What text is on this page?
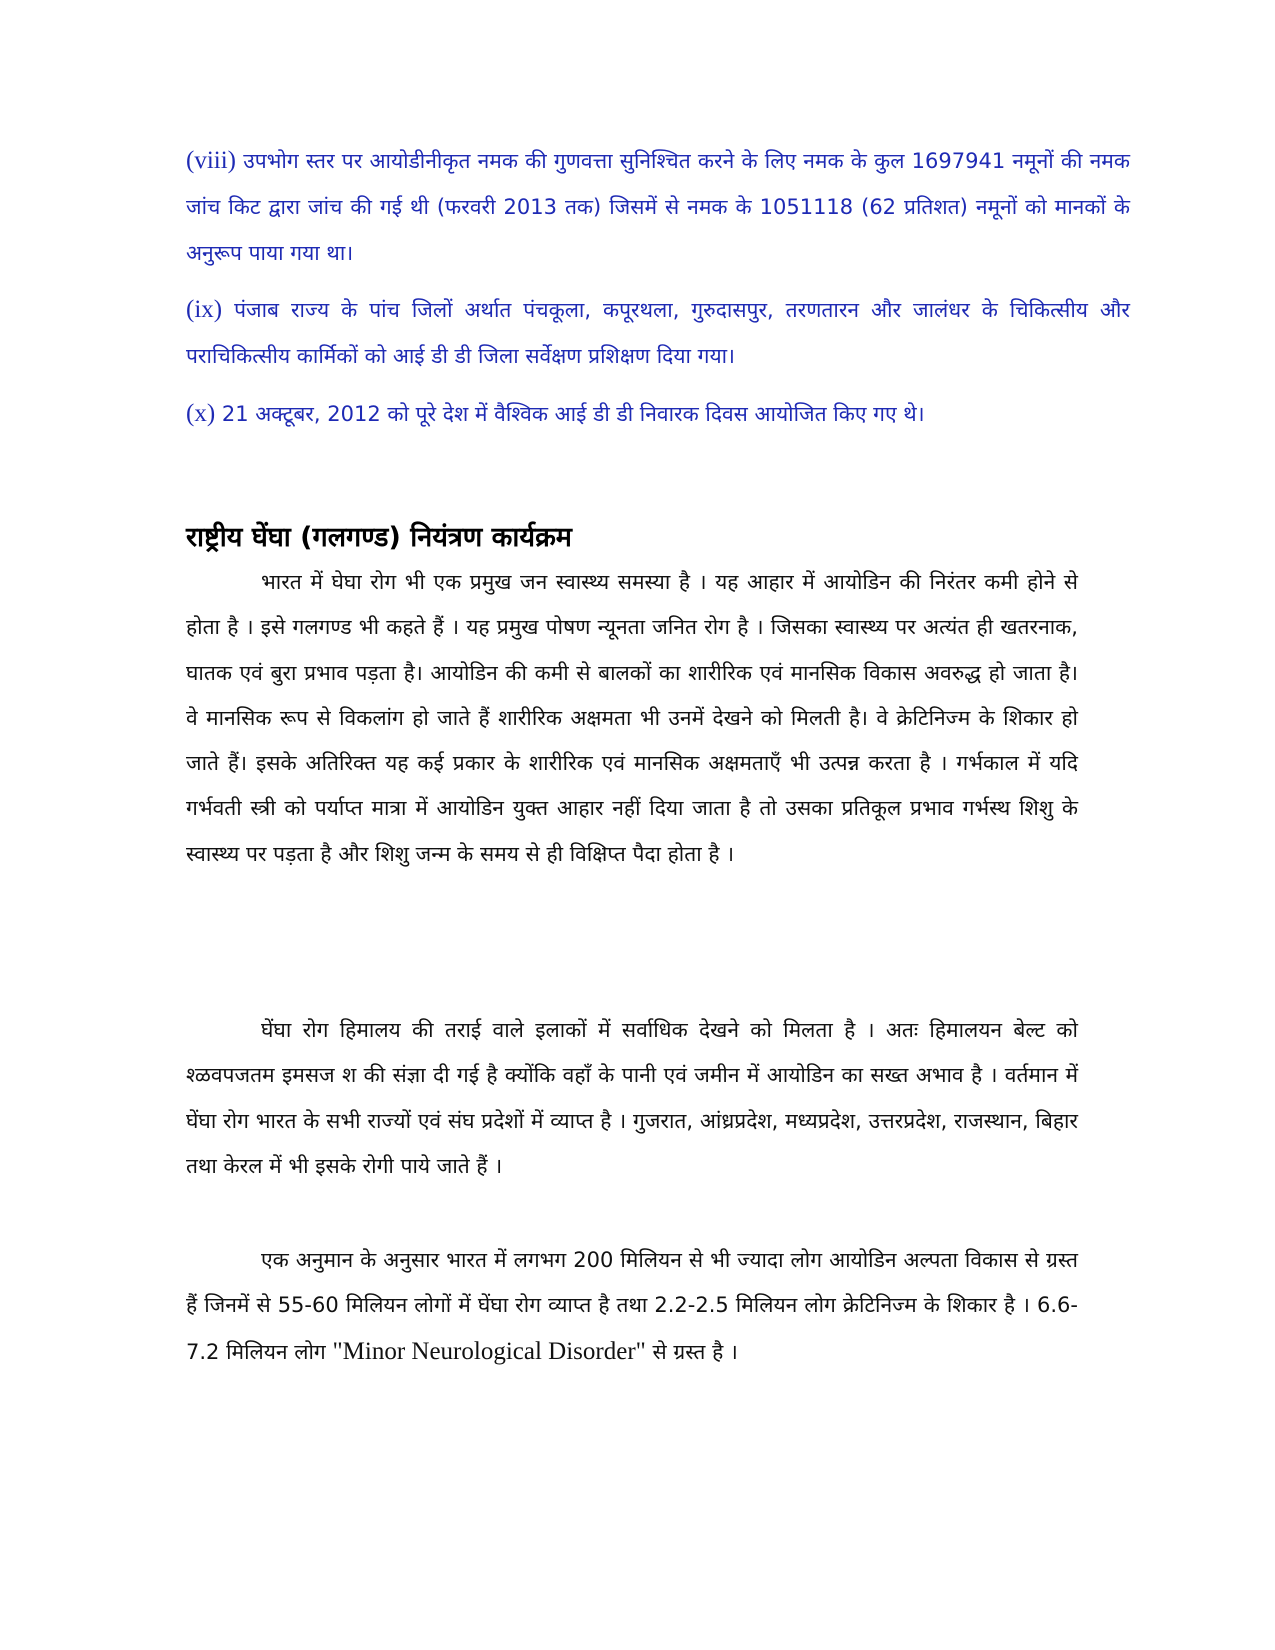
(viii) उपभोग स्तर पर आयोडीनीकृत नमक की गुणवत्ता सुनिश्चित करने के लिए नमक के कुल 1697941 नमूनों की नमक जांच किट द्वारा जांच की गई थी (फरवरी 2013 तक) जिसमें से नमक के 1051118 (62 प्रतिशत) नमूनों को मानकों के अनुरूप पाया गया था।

(ix) पंजाब राज्य के पांच जिलों अर्थात पंचकूला, कपूरथला, गुरुदासपुर, तरणतारन और जालंधर के चिकित्सीय और पराचिकित्सीय कार्मिकों को आई डी डी जिला सर्वेक्षण प्रशिक्षण दिया गया।

(x) 21 अक्टूबर, 2012 को पूरे देश में वैश्विक आई डी डी निवारक दिवस आयोजित किए गए थे।

राष्ट्रीय घेंघा (गलगण्ड) नियंत्रण कार्यक्रम

भारत में घेघा रोग भी एक प्रमुख जन स्वास्थ्य समस्या है । यह आहार में आयोडिन की निरंतर कमी होने से होता है । इसे गलगण्ड भी कहते हैं । यह प्रमुख पोषण न्यूनता जनित रोग है । जिसका स्वास्थ्य पर अत्यंत ही खतरनाक, घातक एवं बुरा प्रभाव पड़ता है। आयोडिन की कमी से बालकों का शारीरिक एवं मानसिक विकास अवरुद्ध हो जाता है। वे मानसिक रूप से विकलांग हो जाते हैं शारीरिक अक्षमता भी उनमें देखने को मिलती है। वे क्रेटिनिज्म के शिकार हो जाते हैं। इसके अतिरिक्त यह कई प्रकार के शारीरिक एवं मानसिक अक्षमताएँ भी उत्पन्न करता है । गर्भकाल में यदि गर्भवती स्त्री को पर्याप्त मात्रा में आयोडिन युक्त आहार नहीं दिया जाता है तो उसका प्रतिकूल प्रभाव गर्भस्थ शिशु के स्वास्थ्य पर पड़ता है और शिशु जन्म के समय से ही विक्षिप्त पैदा होता है ।

घेंघा रोग हिमालय की तराई वाले इलाकों में सर्वाधिक देखने को मिलता है । अतः हिमालयन बेल्ट को श्ळवपजतम इमसज श की संज्ञा दी गई है क्योंकि वहाँ के पानी एवं जमीन में आयोडिन का सख्त अभाव है । वर्तमान में घेंघा रोग भारत के सभी राज्यों एवं संघ प्रदेशों में व्याप्त है । गुजरात, आंध्रप्रदेश, मध्यप्रदेश, उत्तरप्रदेश, राजस्थान, बिहार तथा केरल में भी इसके रोगी पाये जाते हैं ।

एक अनुमान के अनुसार भारत में लगभग 200 मिलियन से भी ज्यादा लोग आयोडिन अल्पता विकास से ग्रस्त हैं जिनमें से 55-60 मिलियन लोगों में घेंघा रोग व्याप्त है तथा 2.2-2.5 मिलियन लोग क्रेटिनिज्म के शिकार है । 6.6-7.2 मिलियन लोग "Minor Neurological Disorder" से ग्रस्त है ।
